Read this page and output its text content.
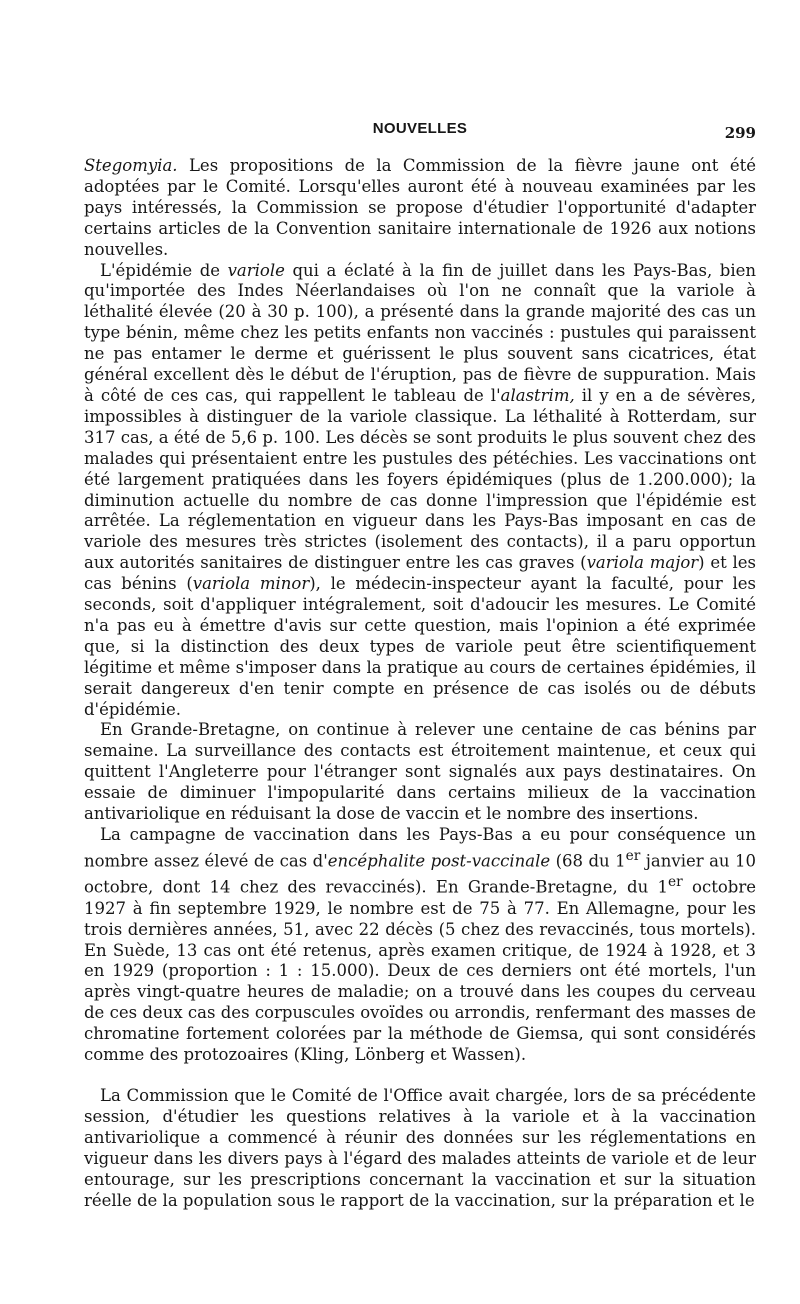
NOUVELLES	299

Stegomyia. Les propositions de la Commission de la fièvre jaune ont été adoptées par le Comité. Lorsqu'elles auront été à nouveau examinées par les pays intéressés, la Commission se propose d'étudier l'opportunité d'adapter certains articles de la Convention sanitaire internationale de 1926 aux notions nouvelles.

L'épidémie de variole qui a éclaté à la fin de juillet dans les Pays-Bas, bien qu'importée des Indes Néerlandaises où l'on ne connaît que la variole à léthalité élevée (20 à 30 p. 100), a présenté dans la grande majorité des cas un type bénin, même chez les petits enfants non vaccinés : pustules qui paraissent ne pas entamer le derme et guérissent le plus souvent sans cicatrices, état général excellent dès le début de l'éruption, pas de fièvre de suppuration. Mais à côté de ces cas, qui rappellent le tableau de l'alastrim, il y en a de sévères, impossibles à distinguer de la variole classique. La léthalité à Rotterdam, sur 317 cas, a été de 5,6 p. 100. Les décès se sont produits le plus souvent chez des malades qui présentaient entre les pustules des pétéchies. Les vaccinations ont été largement pratiquées dans les foyers épidémiques (plus de 1.200.000); la diminution actuelle du nombre de cas donne l'impression que l'épidémie est arrêtée. La réglementation en vigueur dans les Pays-Bas imposant en cas de variole des mesures très strictes (isolement des contacts), il a paru opportun aux autorités sanitaires de distinguer entre les cas graves (variola major) et les cas bénins (variola minor), le médecin-inspecteur ayant la faculté, pour les seconds, soit d'appliquer intégralement, soit d'adoucir les mesures. Le Comité n'a pas eu à émettre d'avis sur cette question, mais l'opinion a été exprimée que, si la distinction des deux types de variole peut être scientifiquement légitime et même s'imposer dans la pratique au cours de certaines épidémies, il serait dangereux d'en tenir compte en présence de cas isolés ou de débuts d'épidémie.

En Grande-Bretagne, on continue à relever une centaine de cas bénins par semaine. La surveillance des contacts est étroitement maintenue, et ceux qui quittent l'Angleterre pour l'étranger sont signalés aux pays destinataires. On essaie de diminuer l'impopularité dans certains milieux de la vaccination antivariolique en réduisant la dose de vaccin et le nombre des insertions.

La campagne de vaccination dans les Pays-Bas a eu pour conséquence un nombre assez élevé de cas d'encéphalite post-vaccinale (68 du 1er janvier au 10 octobre, dont 14 chez des revaccinés). En Grande-Bretagne, du 1er octobre 1927 à fin septembre 1929, le nombre est de 75 à 77. En Allemagne, pour les trois dernières années, 51, avec 22 décès (5 chez des revaccinés, tous mortels). En Suède, 13 cas ont été retenus, après examen critique, de 1924 à 1928, et 3 en 1929 (proportion : 1 : 15.000). Deux de ces derniers ont été mortels, l'un après vingt-quatre heures de maladie; on a trouvé dans les coupes du cerveau de ces deux cas des corpuscules ovoïdes ou arrondis, renfermant des masses de chromatine fortement colorées par la méthode de Giemsa, qui sont considérés comme des protozoaires (Kling, Lönberg et Wassen).

La Commission que le Comité de l'Office avait chargée, lors de sa précédente session, d'étudier les questions relatives à la variole et à la vaccination antivariolique a commencé à réunir des données sur les réglementations en vigueur dans les divers pays à l'égard des malades atteints de variole et de leur entourage, sur les prescriptions concernant la vaccination et sur la situation réelle de la population sous le rapport de la vaccination, sur la préparation et le
